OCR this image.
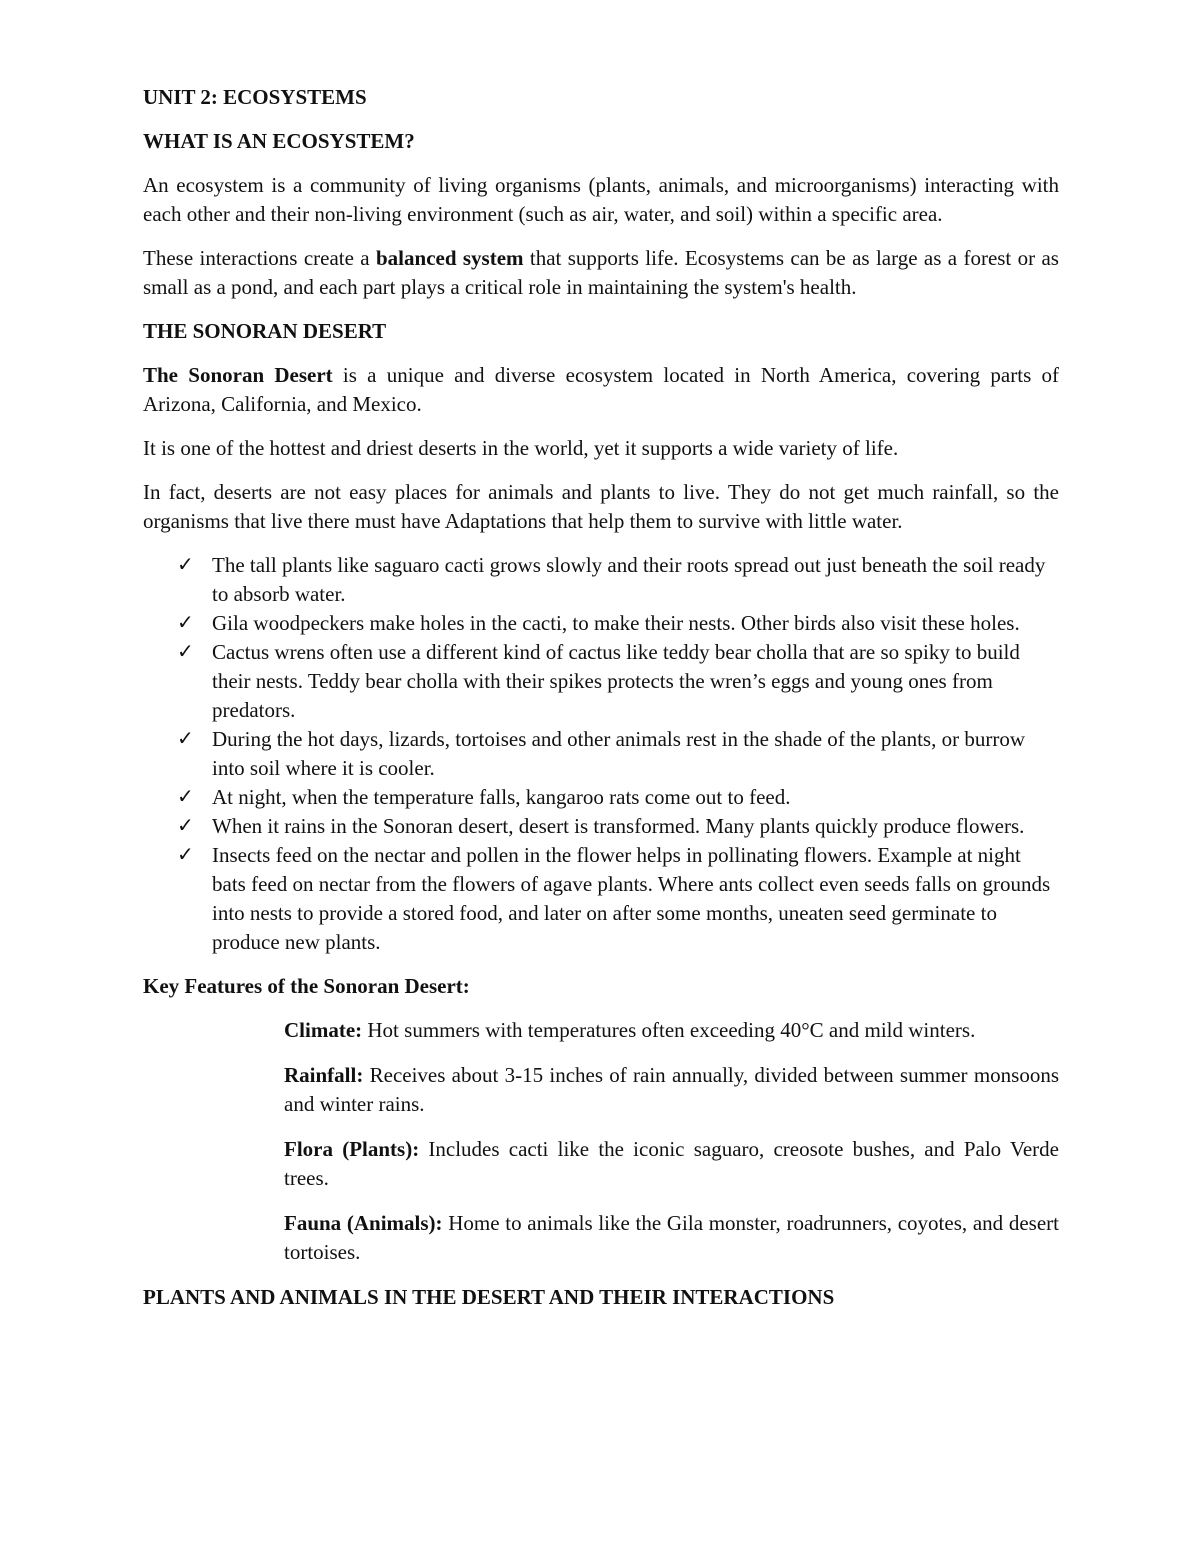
UNIT 2: ECOSYSTEMS
WHAT IS AN ECOSYSTEM?

An ecosystem is a community of living organisms (plants, animals, and microorganisms) interacting with each other and their non-living environment (such as air, water, and soil) within a specific area.

These interactions create a balanced system that supports life. Ecosystems can be as large as a forest or as small as a pond, and each part plays a critical role in maintaining the system's health.

THE SONORAN DESERT

The Sonoran Desert is a unique and diverse ecosystem located in North America, covering parts of Arizona, California, and Mexico.

It is one of the hottest and driest deserts in the world, yet it supports a wide variety of life.

In fact, deserts are not easy places for animals and plants to live. They do not get much rainfall, so the organisms that live there must have Adaptations that help them to survive with little water.

✓ The tall plants like saguaro cacti grows slowly and their roots spread out just beneath the soil ready to absorb water.
✓ Gila woodpeckers make holes in the cacti, to make their nests. Other birds also visit these holes.
✓ Cactus wrens often use a different kind of cactus like teddy bear cholla that are so spiky to build their nests. Teddy bear cholla with their spikes protects the wren’s eggs and young ones from predators.
✓ During the hot days, lizards, tortoises and other animals rest in the shade of the plants, or burrow into soil where it is cooler.
✓ At night, when the temperature falls, kangaroo rats come out to feed.
✓ When it rains in the Sonoran desert, desert is transformed. Many plants quickly produce flowers.
✓ Insects feed on the nectar and pollen in the flower helps in pollinating flowers. Example at night bats feed on nectar from the flowers of agave plants. Where ants collect even seeds falls on grounds into nests to provide a stored food, and later on after some months, uneaten seed germinate to produce new plants.
Key Features of the Sonoran Desert:

Climate: Hot summers with temperatures often exceeding 40°C and mild winters.

Rainfall: Receives about 3-15 inches of rain annually, divided between summer monsoons and winter rains.

Flora (Plants): Includes cacti like the iconic saguaro, creosote bushes, and Palo Verde trees.

Fauna (Animals): Home to animals like the Gila monster, roadrunners, coyotes, and desert tortoises.

PLANTS AND ANIMALS IN THE DESERT AND THEIR INTERACTIONS
